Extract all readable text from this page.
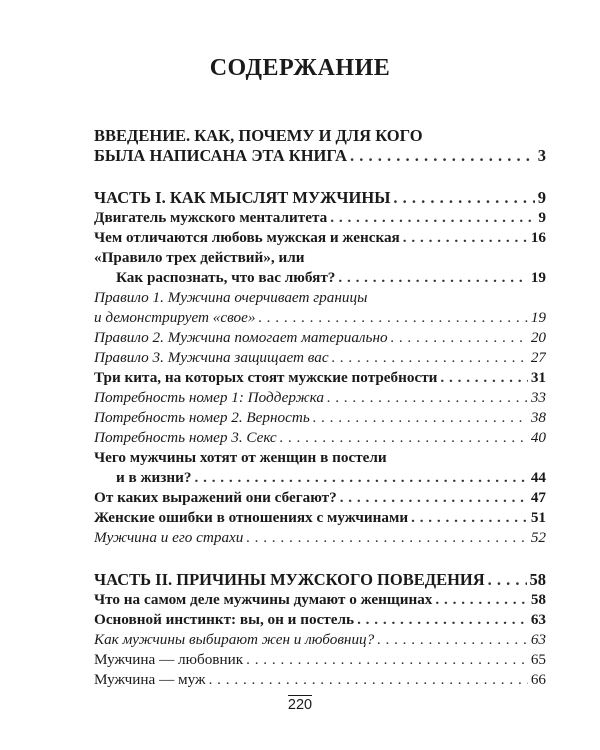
СОДЕРЖАНИЕ
ВВЕДЕНИЕ. КАК, ПОЧЕМУ И ДЛЯ КОГО
БЫЛА НАПИСАНА ЭТА КНИГА . . .	3
ЧАСТЬ I. КАК МЫСЛЯТ МУЖЧИНЫ . . .	9
Двигатель мужского менталитета . . .	9
Чем отличаются любовь мужская и женская . . .	16
«Правило трех действий», или
Как распознать, что вас любят? . . .	19
Правило 1. Мужчина очерчивает границы
и демонстрирует «свое» . . .	19
Правило 2. Мужчина помогает материально . . .	20
Правило 3. Мужчина защищает вас . . .	27
Три кита, на которых стоят мужские потребности . . .	31
Потребность номер 1: Поддержка . . .	33
Потребность номер 2. Верность . . .	38
Потребность номер 3. Секс . . .	40
Чего мужчины хотят от женщин в постели
и в жизни? . . .	44
От каких выражений они сбегают? . . .	47
Женские ошибки в отношениях с мужчинами . . .	51
Мужчина и его страхи . . .	52
ЧАСТЬ II. ПРИЧИНЫ МУЖСКОГО ПОВЕДЕНИЯ . . .	58
Что на самом деле мужчины думают о женщинах . . .	58
Основной инстинкт: вы, он и постель . . .	63
Как мужчины выбирают жен и любовниц? . . .	63
Мужчина — любовник . . .	65
Мужчина — муж . . .	66
220
